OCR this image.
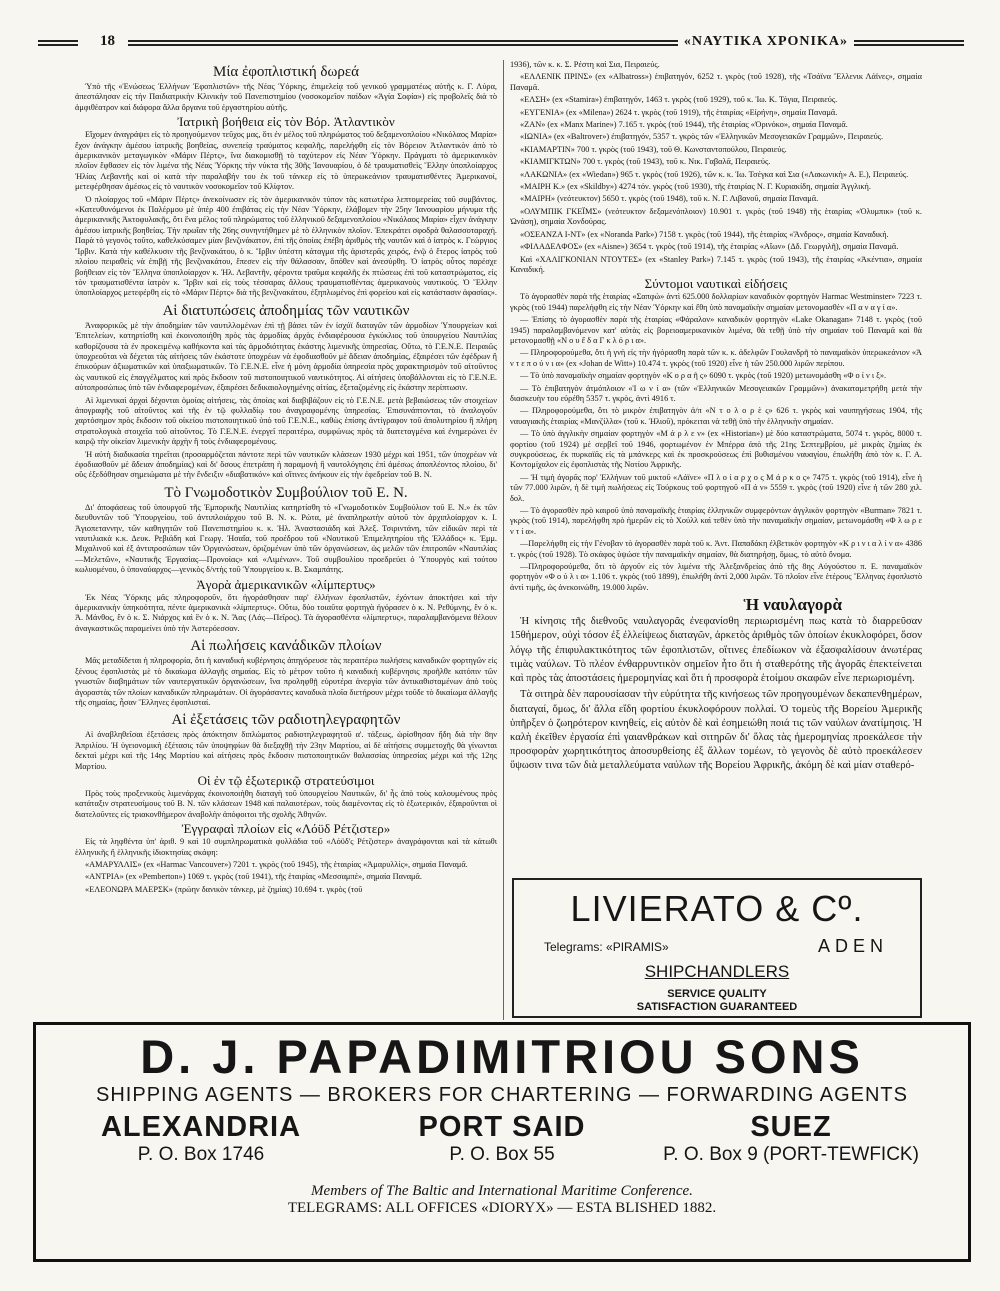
18	«ΝΑΥΤΙΚΑ ΧΡΟΝΙΚΑ»
Μία ἐφοπλιστική δωρεά

Ὑπὸ τῆς «Ἑνώσεως Ἑλλήνων Ἐφοπλιστῶν» τῆς Νέας Ὑόρκης, ἐπιμελείᾳ τοῦ γενικοῦ γραμματέως αὐτῆς κ. Γ. Λύρα, ἀπεστάλησαν εἰς τὴν Παιδιατρικὴν Κλινικὴν τοῦ Πανεπιστημίου (νοσοκομεῖον παίδων «Ἁγία Σοφία») εἰς προβολεῖς διὰ τὸ ἀμφιθέατρον καὶ διάφορα ἄλλα ὄργανα τοῦ ἐργαστηρίου αὐτῆς.

Ἰατρικὴ βοήθεια εἰς τὸν Βόρ. Ἀτλαντικὸν

Εἴχομεν ἀναγράψει εἰς τὸ προηγούμενον τεῦχος μας, ὅτι ἐν μέλος τοῦ πληρώματος τοῦ δεξαμενοπλοίου «Νικόλαος Μαρία» ἔχον ἀνάγκην ἀμέσου ἰατρικῆς βοηθείας, συνεπείᾳ τραύματος κεφαλῆς, παρελήφθη εἰς τὸν Βόρειον Ἀτλαντικὸν ἀπὸ τὸ ἀμερικανικὸν μεταγωγικὸν «Μάριν Πέρτς», ἵνα διακομισθῇ τὸ ταχύτερον εἰς Νέαν Ὑόρκην. Πράγματι τὸ ἀμερικανικὸν πλοῖον ἔφθασεν εἰς τὸν λιμένα τῆς Νέας Ὑόρκης τὴν νύκτα τῆς 30ῆς Ἰανουαρίου, ὁ δὲ τραυματισθεὶς Ἕλλην ὑποπλοίαρχος Ἠλίας Λεβαντῆς καὶ οἱ κατὰ τὴν παραλαβήν του ἐκ τοῦ τάνκερ εἰς τὸ ὑπερωκεάνιον τραυματισθέντες Ἀμερικανοί, μετεφέρθησαν ἀμέσως εἰς τὸ ναυτικὸν νοσοκομεῖον τοῦ Κλίφτον.

Ὁ πλοίαρχος τοῦ «Μάριν Πέρτς» ἀνεκοίνωσεν εἰς τὸν ἀμερικανικὸν τύπον τὰς κατωτέρω λεπτομερείας τοῦ συμβάντος. «Κατευθυνόμενοι ἐκ Παλέρμου μὲ ὑπὲρ 400 ἐπιβάτας εἰς τὴν Νέαν Ὑόρκην, ἐλάβομεν τὴν 25ην Ἰανουαρίου μήνυμα τῆς ἀμερικανικῆς Ἀκτοφυλακῆς, ὅτι ἕνα μέλος τοῦ πληρώματος τοῦ ἑλληνικοῦ δεξαμενοπλοίου «Νικόλαος Μαρία» εἶχεν ἀνάγκην ἀμέσου ἰατρικῆς βοηθείας. Τὴν πρωΐαν τῆς 26ης συνηντήθημεν μὲ τὸ ἑλληνικὸν πλοῖον. Ἐπεκράτει σφοδρὰ θαλασσοταραχή. Παρὰ τὸ γεγονὸς τοῦτο, καθελκύσαμεν μίαν βενζινάκατον, ἐπὶ τῆς ὁποίας ἐπέβη ἀριθμὸς τῆς ναυτῶν καὶ ὁ ἰατρὸς κ. Γεώργιος Ἴρβιν. Κατὰ τὴν καθέλκυσιν τῆς βενζινακάτου, ὁ κ. Ἴρβιν ὑπέστη κάταγμα τῆς ἀριστερᾶς χειρός, ἐνῷ ὁ ἕτερος ἰατρὸς τοῦ πλοίου πειραθεὶς νὰ ἐπιβῇ τῆς βενζινακάτου, ἔπεσεν εἰς τὴν θάλασσαν, ὅπόθεν καὶ ἀνεσύρθη. Ὁ ἰατρὸς οὗτος παρέσχε βοήθειαν εἰς τὸν Ἕλληνα ὑποπλοίαρχον κ. Ἠλ. Λεβαντῆν, φέροντα τραῦμα κεφαλῆς ἐκ πτώσεως ἐπὶ τοῦ καταστρώματος, εἰς τὸν τραυματισθέντα ἰατρὸν κ. Ἴρβιν καὶ εἰς τοὺς τέσσαρας ἄλλους τραυματισθέντας ἀμερικανοὺς ναυτικούς. Ὁ Ἕλλην ὑποπλοίαρχος μετεφέρθη εἰς τὸ «Μάριν Πέρτς» διὰ τῆς βενζινακάτου, ἐξηπλωμένος ἐπὶ φορείου καὶ εἰς κατάστασιν ἀφασίας».

Αἱ διατυπώσεις ἀποδημίας τῶν ναυτικῶν

Ἀναφορικῶς μὲ τὴν ἀποδημίαν τῶν ναυτιλλομένων ἐπὶ τῇ βάσει τῶν ἐν ἰσχύϊ διαταγῶν τῶν ἁρμοδίων Ὑπουργείων καὶ Ἐπιτελείων, κατηρτίσθη καὶ ἐκοινοποιήθη πρὸς τὰς ἁρμοδίας ἀρχὰς ἐνδιαφέρουσα ἐγκύκλιος τοῦ ὑπουργείου Ναυτιλίας καθορίζουσα τὰ ἐν προκειμένῳ καθήκοντα καὶ τὰς ἁρμοδιότητας ἑκάστης λιμενικῆς ὑπηρεσίας. Οὕτω, τὸ Γ.Ε.Ν.Ε. Πειραιῶς ὑποχρεοῦται νὰ δέχεται τὰς αἰτήσεις τῶν ἑκάστοτε ὑποχρέων νὰ ἐφοδιασθοῦν μὲ ἄδειαν ἀποδημίας, ἐξαιρέσει τῶν ἐφέδρων ἢ ἐπικούρων ἀξιωματικῶν καὶ ὑπαξιωματικῶν. Τὸ Γ.Ε.Ν.Ε. εἶνε ἡ μόνη ἁρμοδία ὑπηρεσία πρὸς χαρακτηρισμὸν τοῦ αἰτοῦντος ὡς ναυτικοῦ εἰς ἐπαγγέλματος καὶ πρὸς ἔκδοσιν τοῦ πιστοποιητικοῦ ναυτικότητος. Αἱ αἰτήσεις ὑποβάλλονται εἰς τὸ Γ.Ε.Ν.Ε. αὐτοπροσώπως ὑπὸ τῶν ἐνδιαφερομένων, ἐξαιρέσει δεδικαιολογημένης αἰτίας, ἐξεταζομένης εἰς ἑκάστην περίπτωσιν.

Αἱ λιμενικαὶ ἀρχαὶ δέχονται ὁμοίας αἰτήσεις, τὰς ὁποίας καὶ διαβιβάζουν εἰς τὸ Γ.Ε.Ν.Ε. μετὰ βεβαιώσεως τῶν στοιχείων ἀπογραφῆς τοῦ αἰτοῦντος καὶ τῆς ἐν τῷ φυλλαδίῳ του ἀναγραφομένης ὑπηρεσίας. Ἐπισυνάπτονται, τὸ ἀναλογοῦν χαρτόσημον πρὸς ἔκδοσιν τοῦ οἰκείου πιστοποιητικοῦ ὑπὸ τοῦ Γ.Ε.Ν.Ε., καθὼς ἐπίσης ἀντίγραφον τοῦ ἀπολυτηρίου ἢ πλήρη στρατολογικὰ στοιχεῖα τοῦ αἰτοῦντος. Τὸ Γ.Ε.Ν.Ε. ἐνεργεῖ περαιτέρω, συμφώνως πρὸς τὰ διατεταγμένα καὶ ἐνημερώνει ἐν καιρῷ τὴν οἰκείαν λιμενικὴν ἀρχὴν ἢ τοὺς ἐνδιαφερομένους.

Ἡ αὐτὴ διαδικασία τηρεῖται (προσαρμόζεται πάντοτε περὶ τῶν ναυτικῶν κλάσεων 1930 μέχρι καὶ 1951, τῶν ὑποχρέων νὰ ἐφοδιασθοῦν μὲ ἄδειαν ἀποδημίας) καὶ δι' ὅσους ἐπετράπη ἡ παραμονὴ ἢ ναυτολόγησις ἐπὶ ἀμέσως ἀποπλέοντος πλοίου, δι' οὓς ἐξεδόθησαν σημειώματα μὲ τὴν ἔνδειξιν «διαβατικόν» καὶ οἵτινες ἀνήκουν εἰς τὴν ἐφεδρείαν τοῦ Β. Ν.

Τὸ Γνωμοδοτικὸν Συμβούλιον τοῦ Ε. Ν.

Δι' ἀποφάσεως τοῦ ὑπουργοῦ τῆς Ἐμπορικῆς Ναυτιλίας κατηρτίσθη τὸ «Γνωμοδοτικὸν Συμβούλιον τοῦ Ε. Ν.» ἐκ τῶν διευθυντῶν τοῦ Ὑπουργείου, τοῦ ἀντιπλοιάρχου τοῦ Β. Ν. κ. Ρώτα, μὲ ἀναπληρωτὴν αὐτοῦ τὸν ἀρχιπλοίαρχον κ. Ι. Ἀγιοπεταννην, τῶν καθηγητῶν τοῦ Πανεπιστημίου κ. κ. Ἠλ. Ἀναστασιάδη καὶ Ἀλεξ. Τσιριντάνη, τῶν εἰδικῶν περὶ τὰ ναυτιλιακὰ κ.κ. Δευκ. Ρεβιάδη καὶ Γεωργ. Ἠσαΐα, τοῦ προέδρου τοῦ «Ναυτικοῦ Ἐπιμελητηρίου τῆς Ἑλλάδος» κ. Ἐμμ. Μιχαλινοῦ καὶ ἐξ ἀντιπροσώπων τῶν Ὀργανώσεων, ὁριζομένων ὑπὸ τῶν ὁργανώσεων, ὡς μελῶν τῶν ἐπιτροπῶν «Ναυτιλίας—Μελετῶν», «Ναυτικῆς Ἐργασίας—Προνοίας» καὶ «Λιμένων». Τοῦ συμβουλίου προεδρεύει ὁ Ὑπουργὸς καὶ τούτου κωλυομένου, ὁ ὑποναύαρχος—γενικὸς δ/ντὴς τοῦ Ὑπουργείου κ. Β. Σκαμπάτης.

Ἀγορὰ ἀμερικανικῶν «λίμπερτυς»

Ἐκ Νέας Ὑόρκης μᾶς πληροφοροῦν, ὅτι ἠγοράσθησαν παρ' ἑλλήνων ἐφοπλιστῶν, ἐχόντων ἀποκτήσει καὶ τὴν ἀμερικανικὴν ὑπηκοότητα, πέντε ἀμερικανικὰ «λίμπερτυς». Οὕτω, δύο τοιαῦτα φορτηγὰ ἠγόρασεν ὁ κ. Ν. Ρεθύμνης, ἓν ὁ κ. Ἀ. Μάνθος, ἓν ὁ κ. Σ. Νιάρχος καὶ ἓν ὁ κ. Ν. Ἄας (Λάς—Πεῖρος). Τὰ ἀγορασθέντα «λίμπερτυς», παραλαμβανόμενα θέλουν ἀναγκαστικῶς παραμείνει ὑπὸ τὴν Ἀστερόεσσαν.

Αἱ πωλήσεις κανάδικῶν πλοίων

Μᾶς μεταδίδεται ἡ πληροφορία, ὅτι ἡ καναδικὴ κυβέρνησις ἀπηγόρευσε τὰς περαιτέρω πωλήσεις καναδικῶν φορτηγῶν εἰς ξένους ἐφοπλιστὰς μὲ τὸ δικαίωμα ἀλλαγῆς σημαίας. Εἰς τὸ μέτρον τοῦτο ἡ καναδικὴ κυβέρνησις προῆλθε κατόπιν τῶν γνωστῶν διαβημάτων τῶν ναυτεργατικῶν ὀργανώσεων, ἵνα προληφθῇ εὐρυτέρα ἀνεργία τῶν ἀντικαθισταμένων ἀπὸ τοὺς ἀγοραστὰς τῶν πλοίων καναδικῶν πληρωμάτων. Οἱ ἀγοράσαντες καναδικὰ πλοῖα διετήρουν μέχρι τοῦδε τὸ δικαίωμα ἀλλαγῆς τῆς σημαίας, ἦσαν Ἕλληνες ἐφοπλισταί.

Αἱ ἐξετάσεις τῶν ραδιοτηλεγραφητῶν

Αἱ ἀναβληθεῖσαι ἐξετάσεις πρὸς ἀπόκτησιν διπλώματος ραδιοτηλεγραφητοῦ α'. τάξεως, ὡρίσθησαν ἤδη διὰ τὴν 8ην Ἀπριλίου. Ἡ ὑγειονομικὴ ἐξέτασις τῶν ὑποψηφίων θὰ διεξαχθῇ τὴν 23ην Μαρτίου, αἱ δὲ αἰτήσεις συμμετοχῆς θὰ γίνωνται δεκταὶ μέχρι καὶ τῆς 14ης Μαρτίου καὶ αἰτήσεις πρὸς ἔκδοσιν πιστοποιητικῶν θαλασσίας ὑπηρεσίας μέχρι καὶ τῆς 12ης Μαρτίου.

Οἱ ἐν τῷ ἐξωτερικῷ στρατεύσιμοι

Πρὸς τοὺς προξενικοὺς λιμενάρχας ἐκοινοποιήθη διαταγὴ τοῦ ὑπουργείου Ναυτικῶν, δι' ἧς ἀπὸ τοὺς καλουμένους πρὸς κατάταξιν στρατευσίμους τοῦ Β. Ν. τῶν κλάσεων 1948 καὶ παλαιοτέρων, τοὺς διαμένοντας εἰς τὸ ἐξωτερικόν, ἐξαιροῦνται οἱ διατελοῦντες εἰς τριακονθήμερον ἀναβολὴν ἀπόφοιτοι τῆς σχολῆς Ἀθηνῶν.

Ἐγγραφαὶ πλοίων εἰς «Λόϋδ Ρέτζιστερ»

Εἰς τὰ ληφθέντα ὑπ' ἀριθ. 9 καὶ 10 συμπληρωματικὰ φυλλάδια τοῦ «Λόϋδ'ς Ρέτζιστερ» ἀναγράφονται καὶ τὰ κάτωθι ἑλληνικῆς ἢ ἑλληνικῆς ἰδιοκτησίας σκάφη:

«ΑΜΑΡΥΛΛΙΣ» (ex «Harmac Vancouver») 7201 τ. γκρὸς (τοῦ 1945), τῆς ἑταιρίας «Ἀμαρυλλίς», σημαία Παναμᾶ.

«ΑΝΤΡΙΑ» (ex «Pemberton») 1069 τ. γκρὸς (τοῦ 1941), τῆς ἑταιρίας «Μεσσαμπέ», σημαία Παναμᾶ.

«ΕΛΕΟΝΩΡΑ ΜΑΕΡΣΚ» (πρώην δανικὸν τάνκερ, μὲ ζημίας) 10.694 τ. γκρὸς (τοῦ

1936), τῶν κ. κ. Σ. Ρέστη καὶ Σια, Πειραιεύς.

«ΕΛΛΕΝΙΚ ΠΡΙΝΣ» (ex «Albatross») ἐπιβατηγόν, 6252 τ. γκρὸς (τοῦ 1928), τῆς «Τσάϊνα Ἕλλενικ Λάϊνες», σημαία Παναμᾶ.

«ΕΛΣΗ» (ex «Stamira») ἐπιβατηγόν, 1463 τ. γκρὸς (τοῦ 1929), τοῦ κ. Ἰω. Κ. Τόγια, Πειραιεύς.

«ΕΥΓΕΝΙΑ» (ex «Milena») 2624 τ. γκρὸς (τοῦ 1919), τῆς ἑταιρίας «Εἰρήνη», σημαία Παναμᾶ.

«ΖΑΝ» (ex «Manx Marine») 7.165 τ. γκρὸς (τοῦ 1944), τῆς ἑταιρίας «Ὀρινόκο», σημαία Παναμᾶ.

«ΙΩΝΙΑ» (ex «Baltrover») ἐπιβατηγόν, 5357 τ. γκρὸς τῶν «Ἑλληνικῶν Μεσογειακῶν Γραμμῶν», Πειραιεύς.

«ΚΙΑΜΑΡΤΙΝ» 700 τ. γκρὸς (τοῦ 1943), τοῦ Θ. Κωνσταντοπούλου, Πειραιεύς.

«ΚΙΑΜΙΓΚΤΩΝ» 700 τ. γκρὸς (τοῦ 1943), τοῦ κ. Νικ. Γαβαλᾶ, Πειραιεύς.

«ΛΑΚΩΝΙΑ» (ex «Wiedan») 965 τ. γκρὸς (τοῦ 1926), τῶν κ. κ. Ἰω. Τσέγκα καὶ Σια («Λακωνικὴ» Α. Ε.), Πειραιεύς.

«ΜΑΙΡΗ Κ.» (ex «Skildby») 4274 τόν. γκρὸς (τοῦ 1930), τῆς ἑταιρίας Ν. Γ. Κυριακίδη, σημαία Ἀγγλική.

«ΜΑΙΡΗ» (νεότευκτον) 5650 τ. γκρὸς (τοῦ 1948), τοῦ κ. Ν. Γ. Λιβανοῦ, σημαία Παναμᾶ.

«ΟΛΥΜΠΙΚ ΓΚΕΪΜΣ» (νεότευκτον δεξαμενόπλοιον) 10.901 τ. γκρὸς (τοῦ 1948) τῆς ἑταιρίας «Ὀλυμπικ» (τοῦ κ. Ὠνάση), σημαία Χονδούρας.

«ΟΣΕΑΝΖΑ Ι-ΝΤ» (ex «Noranda Park») 7158 τ. γκρὸς (τοῦ 1944), τῆς ἑταιρίας «Ἄνδρος», σημαία Καναδική.

«ΦΙΛΑΔΕΛΦΟΣ» (ex «Aisne») 3654 τ. γκρὸς (τοῦ 1914), τῆς ἑταιρίας «Αἴων» (Δδ. Γεωργιλῆ), σημαία Παναμᾶ.

Καὶ «ΧΑΛΙΓΚΟΝΙΑΝ ΝΤΟΥΤΕΣ» (ex «Stanley Park») 7.145 τ. γκρὸς (τοῦ 1943), τῆς ἑταιρίας «Ἀκέντια», σημαία Καναδική.

Σύντομοι ναυτικαὶ εἰδήσεις

Τὸ ἀγορασθὲν παρὰ τῆς ἑταιρίας «Σαπφὼ» ἀντὶ 625.000 δολλαρίων καναδικὸν φορτηγὸν Harmac Westminster» 7223 τ. γκρὸς (τοῦ 1944) παρελήφθη εἰς τὴν Νέαν Ὑόρκην καὶ ἔθη ὑπὸ παναμαϊκὴν σημαίαν μετονομασθὲν «Π α ν α γ ί α».

— Ἐπίσης τὸ ἀγορασθὲν παρὰ τῆς ἑταιρίας «Φάραλον» καναδικὸν φορτηγὸν «Lake Okanagan» 7148 τ. γκρὸς (τοῦ 1945) παραλαμβανόμενον κατ' αὐτὰς εἰς βορειοαμερικανικὸν λιμένα, θὰ τεθῇ ὑπὸ τὴν σημαίαν τοῦ Παναμᾶ καὶ θὰ μετονομασθῇ «Ν ο υ ἔ δ α Γ κ λ ό ρ ι α».

— Πληροφορούμεθα, ὅτι ἡ γνὴ εἰς τὴν ἠγόρασθη παρὰ τῶν κ. κ. ἀδελφῶν Γουλανδρῆ τὸ παναμαϊκὸν ὑπερωκεάνιον «Ἀ ν τ ε π ο ύ ν ι α» (ex «Johan de Witt») 10.474 τ. γκρὸς (τοῦ 1920) εἶνε ἡ τῶν 250.000 λιρῶν περίπου.

— Τὸ ὑπὸ παναμαϊκὴν σημαίαν φορτηγὸν «Κ ο ρ α ῆ ς» 6090 τ. γκρὸς (τοῦ 1920) μετωνομάσθη «Φ ο ί ν ι ξ».

— Τὸ ἐπιβατηγὸν ἀτμόπλοιον «Ἰ ω ν ί α» (τῶν «Ἑλληνικῶν Μεσογειακῶν Γραμμῶν») ἀνακαταμετρήθη μετὰ τὴν διασκευὴν του εὐρέθη 5357 τ. γκρὸς, ἀντὶ 4916 τ.

— Πληροφορούμεθα, ὅτι τὸ μικρὸν ἐπιβατηγὸν ἀ/π «Ν τ ο λ ο ρ ὲ ς» 626 τ. γκρὸς καὶ ναυπηγήσεως 1904, τῆς ναυαγιακῆς ἑταιρίας «Μανζίλλα» (τοῦ κ. Ἡλιοῦ), πρόκειται νὰ τεθῇ ὑπὸ τὴν ἑλληνικὴν σημαίαν.

— Τὸ ὑπὸ ἀγγλικὴν σημαίαν φορτηγὸν «Μ ά ρ λ ε ν» (ex «Historian») μὲ δύο καταστρώματα, 5074 τ. γκρὸς, 8000 τ. φορτίου (τοῦ 1924) μὲ σερβεῖ τοῦ 1946, φορτωμένον ἐν Μπέρρα ἀπὸ τῆς 21ης Σεπτεμβρίου, μὲ μικρὰς ζημίας ἐκ συγκρούσεως, ἐκ πυρκαϊᾶς εἰς τὰ μπάνκερς καὶ ἐκ προσκρούσεως ἐπὶ βυθισμένου ναυαγίου, ἐπωλήθη ἀπὸ τὸν κ. Γ. Α. Κοντομίχαλον εἰς ἐφοπλιστὰς τῆς Νοτίου Ἀφρικῆς.

— Ἡ τιμὴ ἀγορᾶς πορ' Ἑλλήνων τοῦ μικτοῦ «Λάϊνε» «Π λ ο ί α ρ χ ο ς Μ ά ρ κ ο ς» 7475 τ. γκρὸς (τοῦ 1914), εἶνε ἡ τῶν 77.000 λιρῶν, ἡ δὲ τιμὴ πωλήσεως εἰς Τούρκους τοῦ φορτηγοῦ «Π ά ν» 5559 τ. γκρὸς (τοῦ 1920) εἶνε ἡ τῶν 280 χιλ. δολ.

— Τὸ ἀγορασθὲν πρὸ καιροῦ ὑπὸ παναμαϊκῆς ἑταιρίας ἑλληνικῶν συμφερόντων ἀγγλικὸν φορτηγὸν «Burman» 7821 τ. γκρὸς (τοῦ 1914), παρελήφθη πρὸ ἡμερῶν εἰς τὸ Χούλλ καὶ τεθὲν ὑπὸ τὴν παναμαϊκὴν σημαίαν, μετωνομάσθη «Φ λ ω ρ ε ν τ ί α».

—Παρελήφθη εἰς τὴν Γένοβαν τὸ ἀγορασθὲν παρὰ τοῦ κ. Ἀντ. Παπαδάκη ἐλβετικὸν φορτηγὸν «Κ ρ ι ν ι α λ ί ν α» 4386 τ. γκρὸς (τοῦ 1928). Τὸ σκάφος ὑψώσε τὴν παναμαϊκὴν σημαίαν, θὰ διατηρήσῃ, ὅμως, τὸ αὐτὸ ὄνομα.

—Πληροφορούμεθα, ὅτι τὸ ἀργοῦν εἰς τὸν λιμένα τῆς Ἀλεξανδρείας ἀπὸ τῆς 8ης Αὐγούστου π. Ε. παναμαϊκὸν φορτηγὸν «Φ ο ύ λ ι α» 1.106 τ. γκρὸς (τοῦ 1899), ἐπωλήθη ἀντὶ 2,000 λιρῶν. Τὸ πλοῖον εἶνε ἑτέρους Ἕλληνας ἐφοπλιστὸ ἀντὶ τιμῆς, ὡς ἀνεκοινώθη, 19.000 λιρῶν.

Ἡ ναυλαγορὰ

Ἡ κίνησις τῆς διεθνοῦς ναυλαγορᾶς ἐνεφανίσθη περιωρισμένη πως κατὰ τὸ διαρρεῦσαν 15θήμερον, οὐχὶ τόσον ἐξ ἐλλείψεως διαταγῶν, ἀρκετὸς ἀριθμὸς τῶν ὁποίων ἐκυκλοφόρει, ὅσον λόγῳ τῆς ἐπιφυλακτικότητος τῶν ἐφοπλιστῶν, οἵτινες ἐπεδίωκον νὰ ἐξασφαλίσουν ἀνωτέρας τιμὰς ναύλων. Τὸ πλέον ἐνθαρρυντικὸν σημεῖον ἦτο ὅτι ἡ σταθερότης τῆς ἀγορᾶς ἐπεκτείνεται καὶ πρὸς τὰς ἀποστάσεις ἡμερομηνίας καὶ ὅτι ἡ προσφορὰ ἑτοίμου σκαφῶν εἶνε περιωρισμένη.

Τὰ σιτηρὰ δὲν παρουσίασαν τὴν εὐρύτητα τῆς κινήσεως τῶν προηγουμένων δεκαπενθημέρων, διαταγαί, ὅμως, δι' ἄλλα εἴδη φορτίου ἐκυκλοφόρουν πολλαί. Ὁ τομεὺς τῆς Βορείου Ἀμερικῆς ὑπῆρξεν ὁ ζωηρότερον κινηθείς, εἰς αὐτὸν δὲ καὶ ἐσημειώθη ποιά τις τῶν ναύλων ἀνατίμησις. Ἡ καλὴ ἐκεῖθεν ἐργασία ἐπὶ γαιανθράκων καὶ σιτηρῶν δι' ὅλας τὰς ἡμερομηνίας προεκάλεσε τὴν προσφορὰν χωρητικότητος ἀποσυρθείσης ἐξ ἄλλων τομέων, τὸ γεγονὸς δὲ αὐτὸ προεκάλεσεν ὕψωσιν τινα τῶν διὰ μεταλλεύματα ναύλων τῆς Βορείου Ἀφρικῆς, ἀκόμη δὲ καὶ μίαν σταθερό-

LIVIERATO & Cº.
Telegrams: «PIRAMIS»	ADEN
SHIPCHANDLERS
SERVICE QUALITY
SATISFACTION GUARANTEED
D. J. PAPADIMITRIOU SONS
SHIPPING AGENTS — BROKERS FOR CHARTERING — FORWARDING AGENTS
ALEXANDRIA
P. O. Box 1746
PORT SAID
P. O. Box 55
SUEZ
P. O. Box 9 (PORT-TEWFICK)
Members of The Baltic and International Maritime Conference.
TELEGRAMS: ALL OFFICES «DIORYX» — ESTA BLISHED 1882.
